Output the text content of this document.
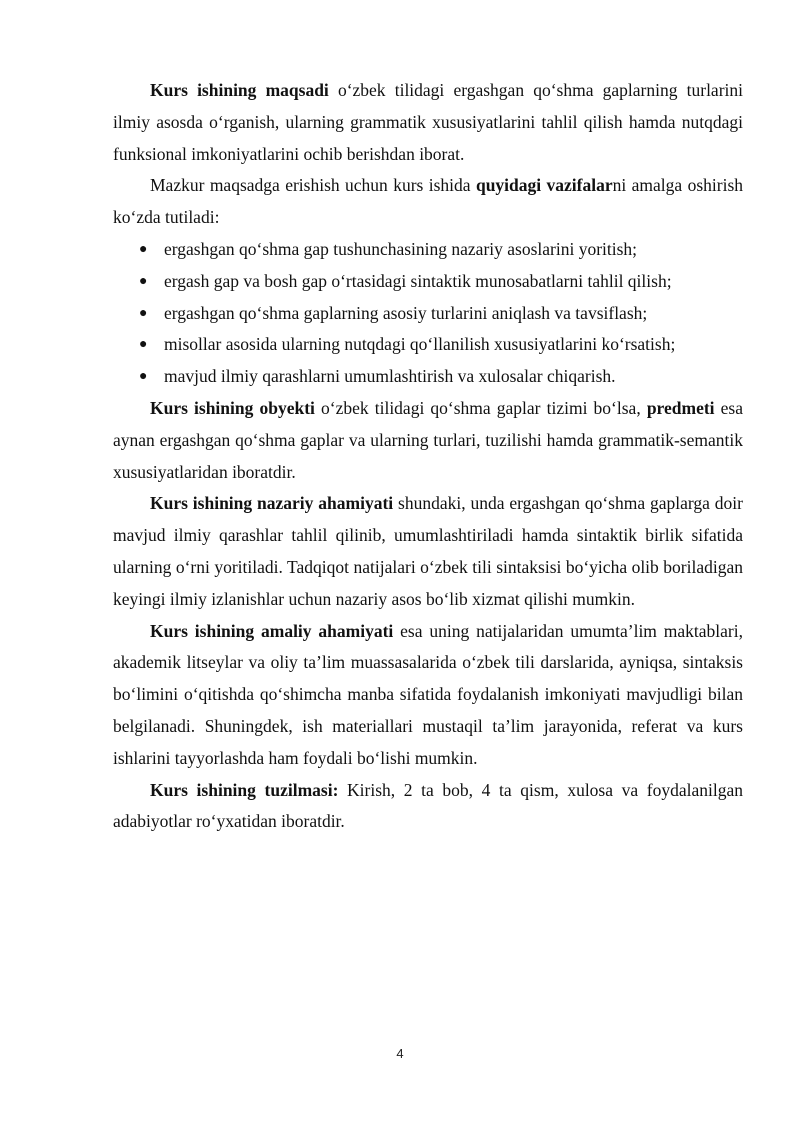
Kurs ishining maqsadi o‘zbek tilidagi ergashgan qo‘shma gaplarning turlarini ilmiy asosda o‘rganish, ularning grammatik xususiyatlarini tahlil qilish hamda nutqdagi funksional imkoniyatlarini ochib berishdan iborat.

Mazkur maqsadga erishish uchun kurs ishida quyidagi vazifalarni amalga oshirish ko‘zda tutiladi:

● ergashgan qo‘shma gap tushunchasining nazariy asoslarini yoritish;
● ergash gap va bosh gap o‘rtasidagi sintaktik munosabatlarni tahlil qilish;
● ergashgan qo‘shma gaplarning asosiy turlarini aniqlash va tavsiflash;
● misollar asosida ularning nutqdagi qo‘llanilish xususiyatlarini ko‘rsatish;
● mavjud ilmiy qarashlarni umumlashtirish va xulosalar chiqarish.

Kurs ishining obyekti o‘zbek tilidagi qo‘shma gaplar tizimi bo‘lsa, predmeti esa aynan ergashgan qo‘shma gaplar va ularning turlari, tuzilishi hamda grammatik-semantik xususiyatlaridan iboratdir.

Kurs ishining nazariy ahamiyati shundaki, unda ergashgan qo‘shma gaplarga doir mavjud ilmiy qarashlar tahlil qilinib, umumlashtiriladi hamda sintaktik birlik sifatida ularning o‘rni yoritiladi. Tadqiqot natijalari o‘zbek tili sintaksisi bo‘yicha olib boriladigan keyingi ilmiy izlanishlar uchun nazariy asos bo‘lib xizmat qilishi mumkin.

Kurs ishining amaliy ahamiyati esa uning natijalaridan umumta’lim maktablari, akademik litseylar va oliy ta’lim muassasalarida o‘zbek tili darslarida, ayniqsa, sintaksis bo‘limini o‘qitishda qo‘shimcha manba sifatida foydalanish imkoniyati mavjudligi bilan belgilanadi. Shuningdek, ish materiallari mustaqil ta’lim jarayonida, referat va kurs ishlarini tayyorlashda ham foydali bo‘lishi mumkin.

Kurs ishining tuzilmasi: Kirish, 2 ta bob, 4 ta qism, xulosa va foydalanilgan adabiyotlar ro‘yxatidan iboratdir.

4
